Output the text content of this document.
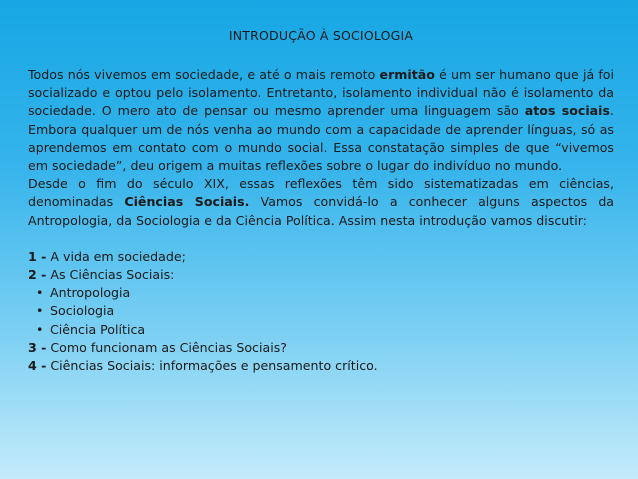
INTRODUÇÃO À SOCIOLOGIA

Todos nós vivemos em sociedade, e até o mais remoto ermitão é um ser humano que já foi socializado e optou pelo isolamento. Entretanto, isolamento individual não é isolamento da sociedade. O mero ato de pensar ou mesmo aprender uma linguagem são atos sociais. Embora qualquer um de nós venha ao mundo com a capacidade de aprender línguas, só as aprendemos em contato com o mundo social. Essa constatação simples de que “vivemos em sociedade”, deu origem a muitas reflexões sobre o lugar do indivíduo no mundo.

Desde o fim do século XIX, essas reflexões têm sido sistematizadas em ciências, denominadas Ciências Sociais. Vamos convidá-lo a conhecer alguns aspectos da Antropologia, da Sociologia e da Ciência Política. Assim nesta introdução vamos discutir:

1 - A vida em sociedade;

2 - As Ciências Sociais:

• Antropologia

• Sociologia

• Ciência Política

3 - Como funcionam as Ciências Sociais?

4 - Ciências Sociais: informações e pensamento crítico.
